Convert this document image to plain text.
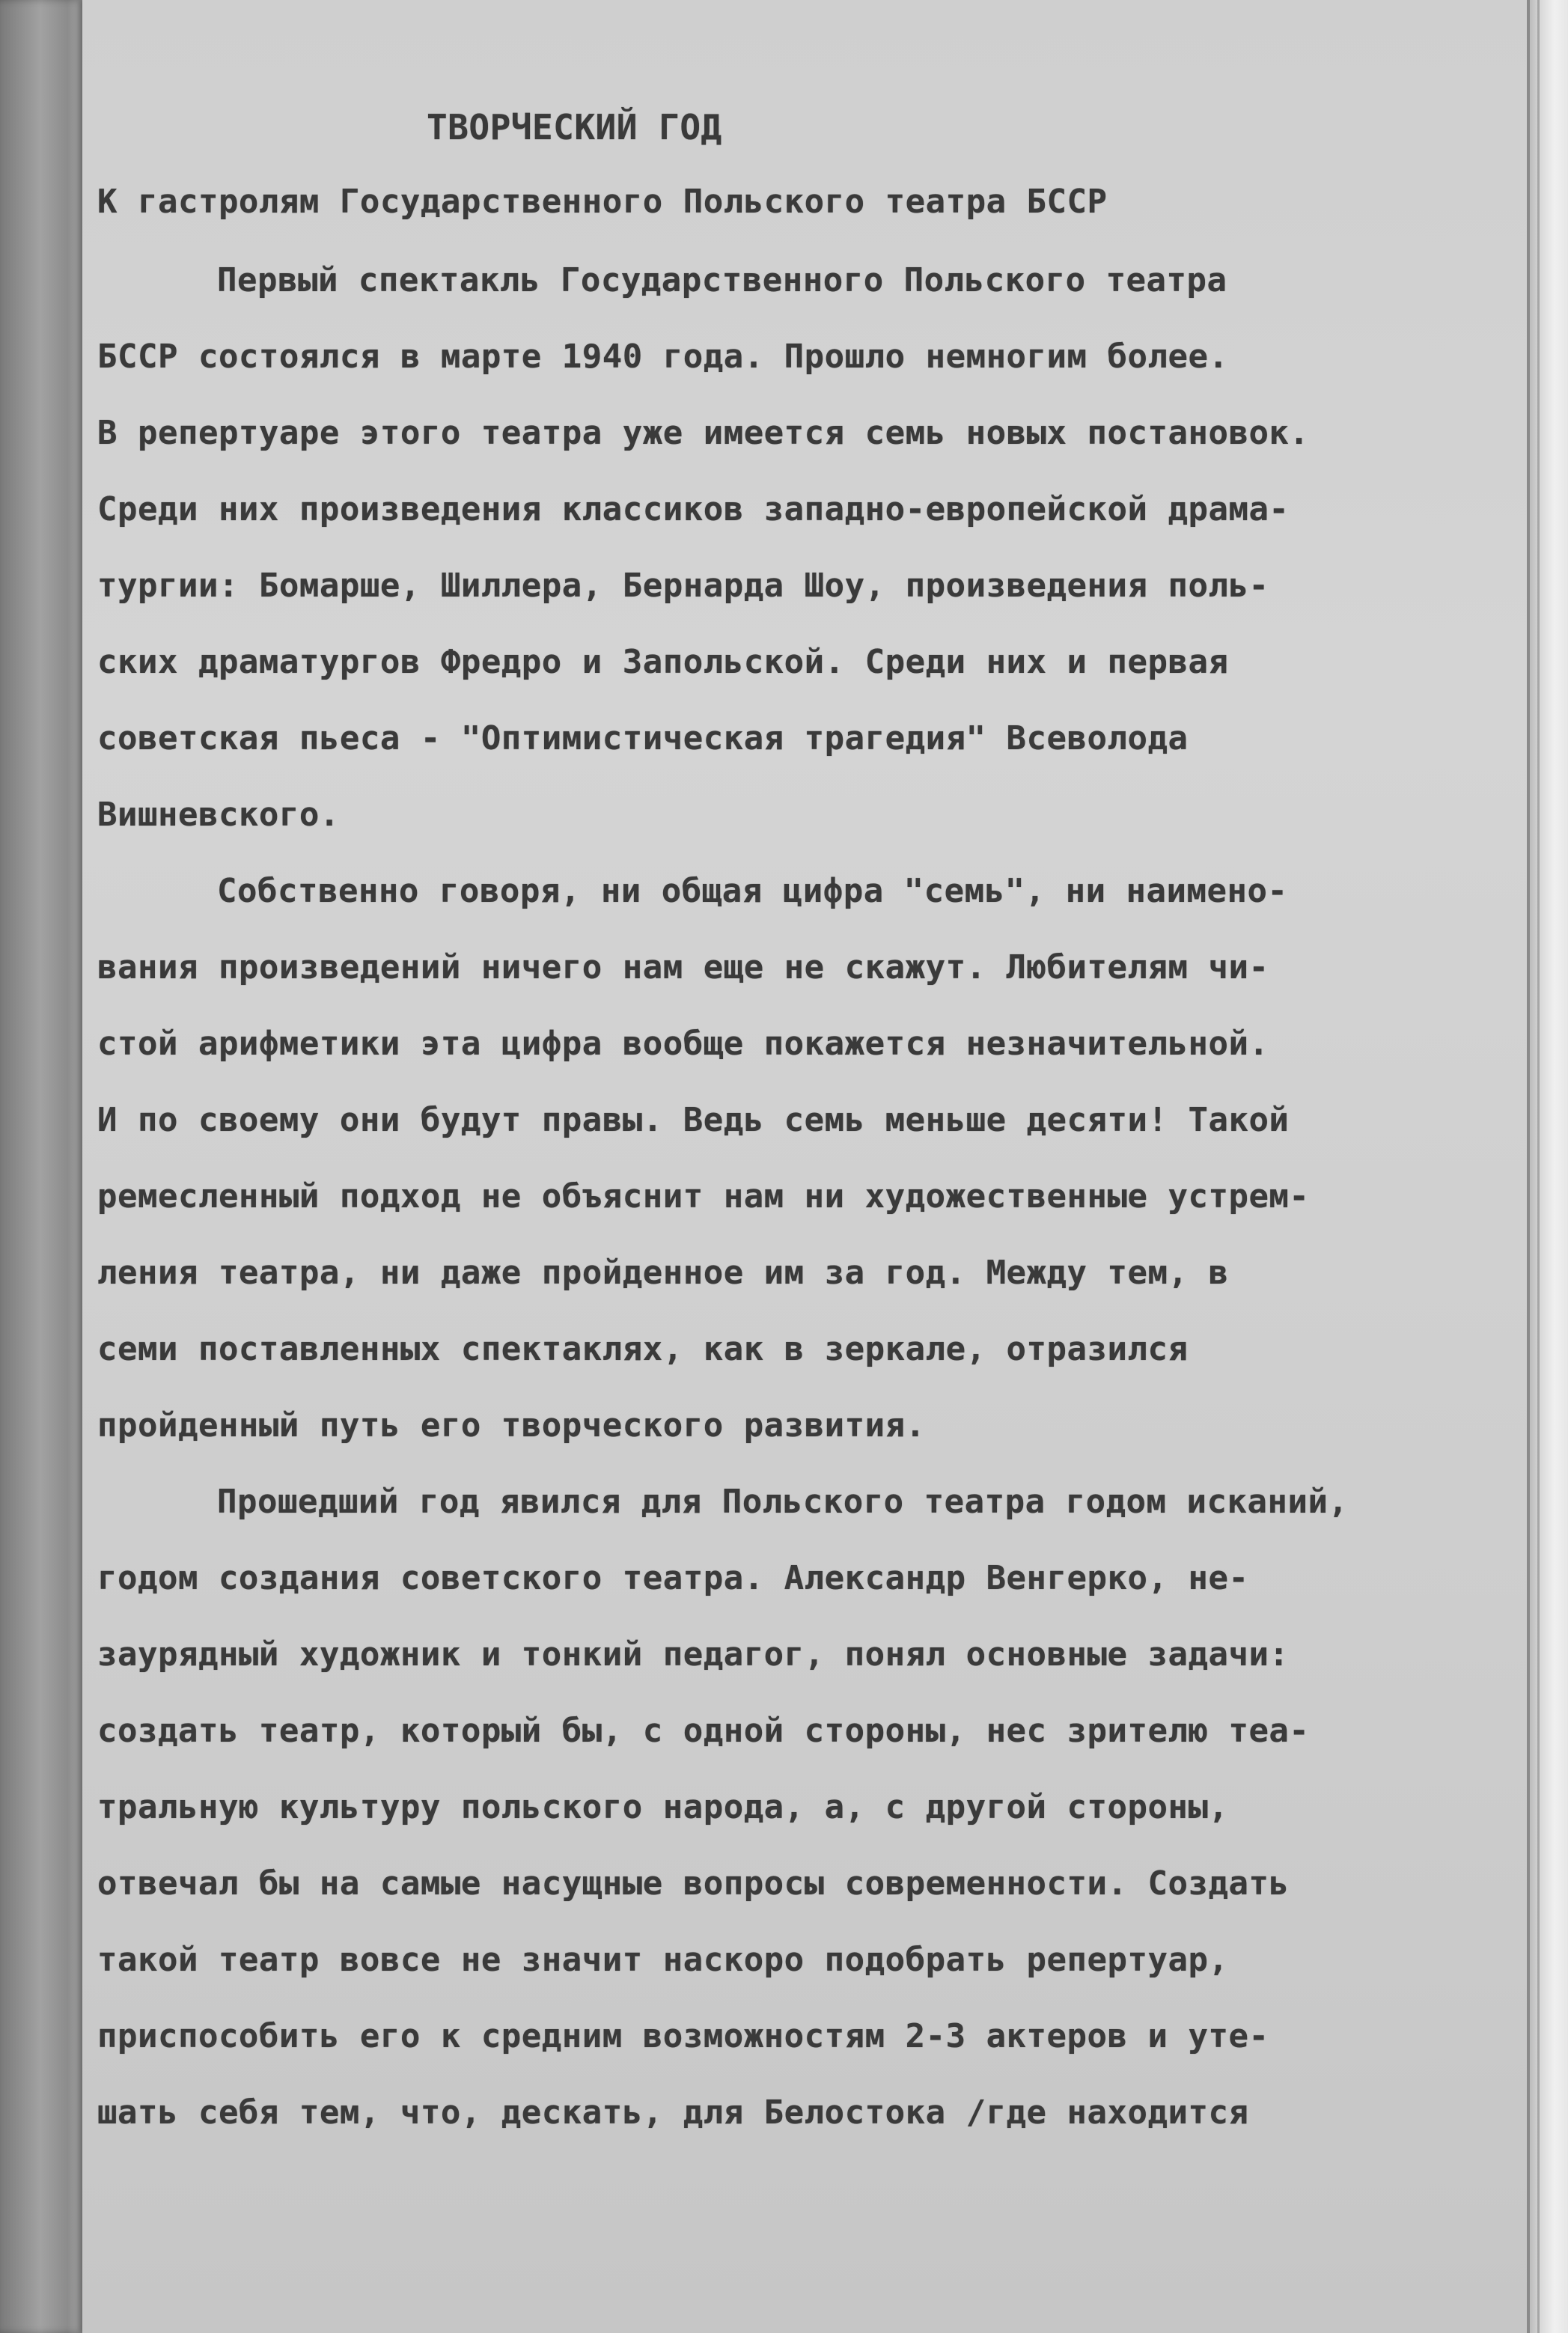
ТВОРЧЕСКИЙ ГОД
К гастролям Государственного Польского театра БССР
Первый спектакль Государственного Польского театра
БССР состоялся в марте 1940 года. Прошло немногим более.
В репертуаре этого театра уже имеется семь новых постановок.
Среди них произведения классиков западно-европейской драма-
тургии: Бомарше, Шиллера, Бернарда Шоу, произведения поль-
ских драматургов Фредро и Запольской. Среди них и первая
советская пьеса - "Оптимистическая трагедия" Всеволода
Вишневского.
Собственно говоря, ни общая цифра "семь", ни наимено-
вания произведений ничего нам еще не скажут. Любителям чи-
стой арифметики эта цифра вообще покажется незначительной.
И по своему они будут правы. Ведь семь меньше десяти! Такой
ремесленный подход не объяснит нам ни художественные устрем-
ления театра, ни даже пройденное им за год. Между тем, в
семи поставленных спектаклях, как в зеркале, отразился
пройденный путь его творческого развития.
Прошедший год явился для Польского театра годом исканий,
годом создания советского театра. Александр Венгерко, не-
заурядный художник и тонкий педагог, понял основные задачи:
создать театр, который бы, с одной стороны, нес зрителю теа-
тральную культуру польского народа, а, с другой стороны,
отвечал бы на самые насущные вопросы современности. Создать
такой театр вовсе не значит наскоро подобрать репертуар,
приспособить его к средним возможностям 2-3 актеров и уте-
шать себя тем, что, дескать, для Белостока /где находится
